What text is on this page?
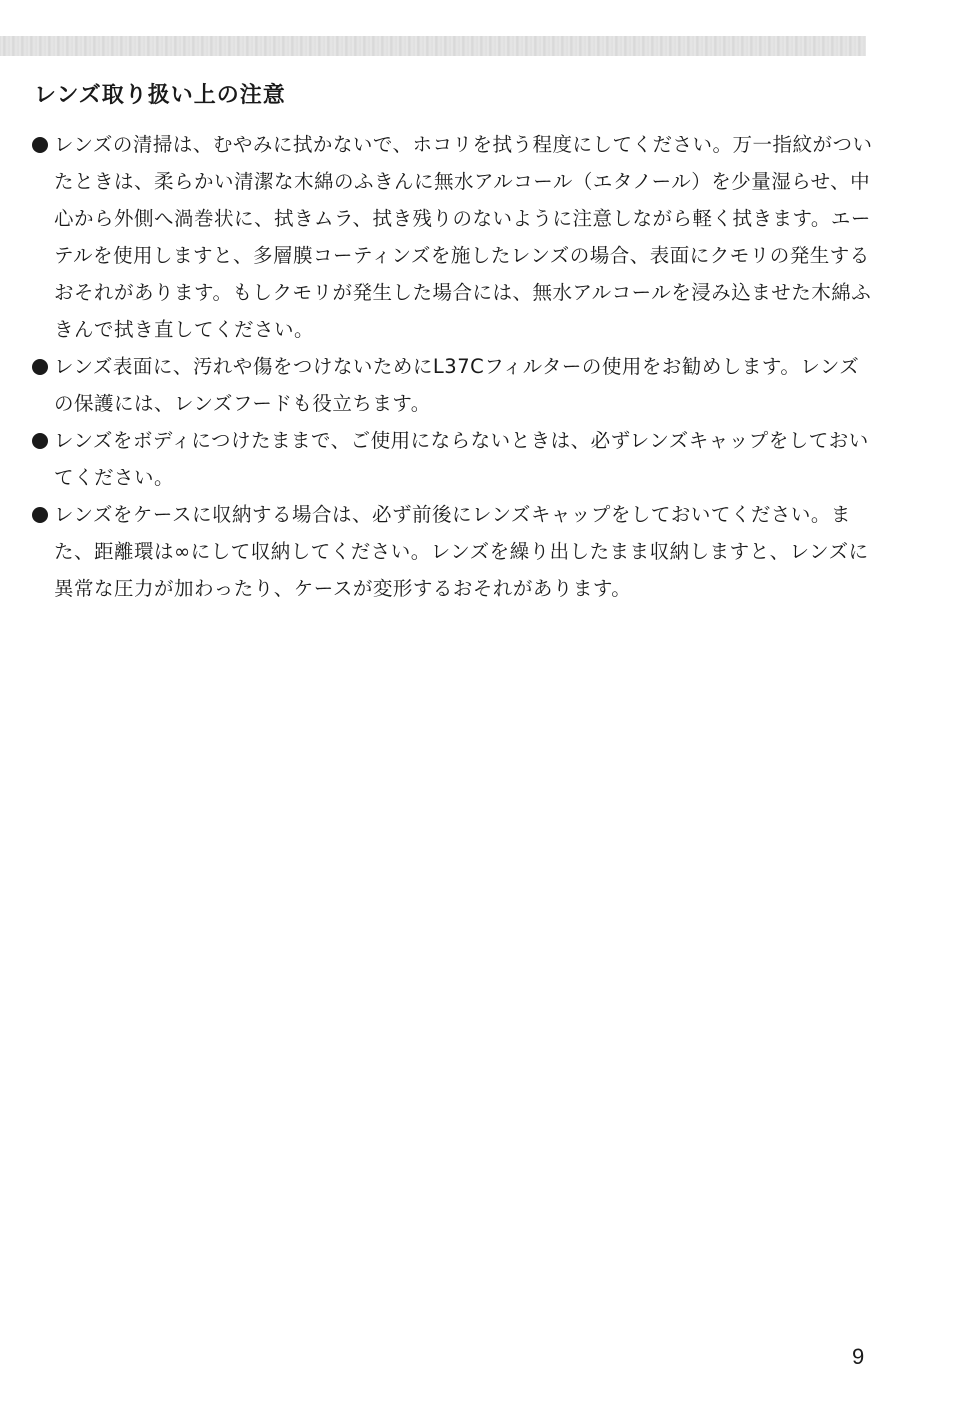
レンズ取り扱い上の注意
レンズの清掃は、むやみに拭かないで、ホコリを拭う程度にしてください。万一指紋がついたときは、柔らかい清潔な木綿のふきんに無水アルコール（エタノール）を少量湿らせ、中心から外側へ渦巻状に、拭きムラ、拭き残りのないように注意しながら軽く拭きます。エーテルを使用しますと、多層膜コーティンズを施したレンズの場合、表面にクモリの発生するおそれがあります。もしクモリが発生した場合には、無水アルコールを浸み込ませた木綿ふきんで拭き直してください。
レンズ表面に、汚れや傷をつけないためにL37Cフィルターの使用をお勧めします。レンズの保護には、レンズフードも役立ちます。
レンズをボディにつけたままで、ご使用にならないときは、必ずレンズキャップをしておいてください。
レンズをケースに収納する場合は、必ず前後にレンズキャップをしておいてください。また、距離環は∞にして収納してください。レンズを繰り出したまま収納しますと、レンズに異常な圧力が加わったり、ケースが変形するおそれがあります。
9
